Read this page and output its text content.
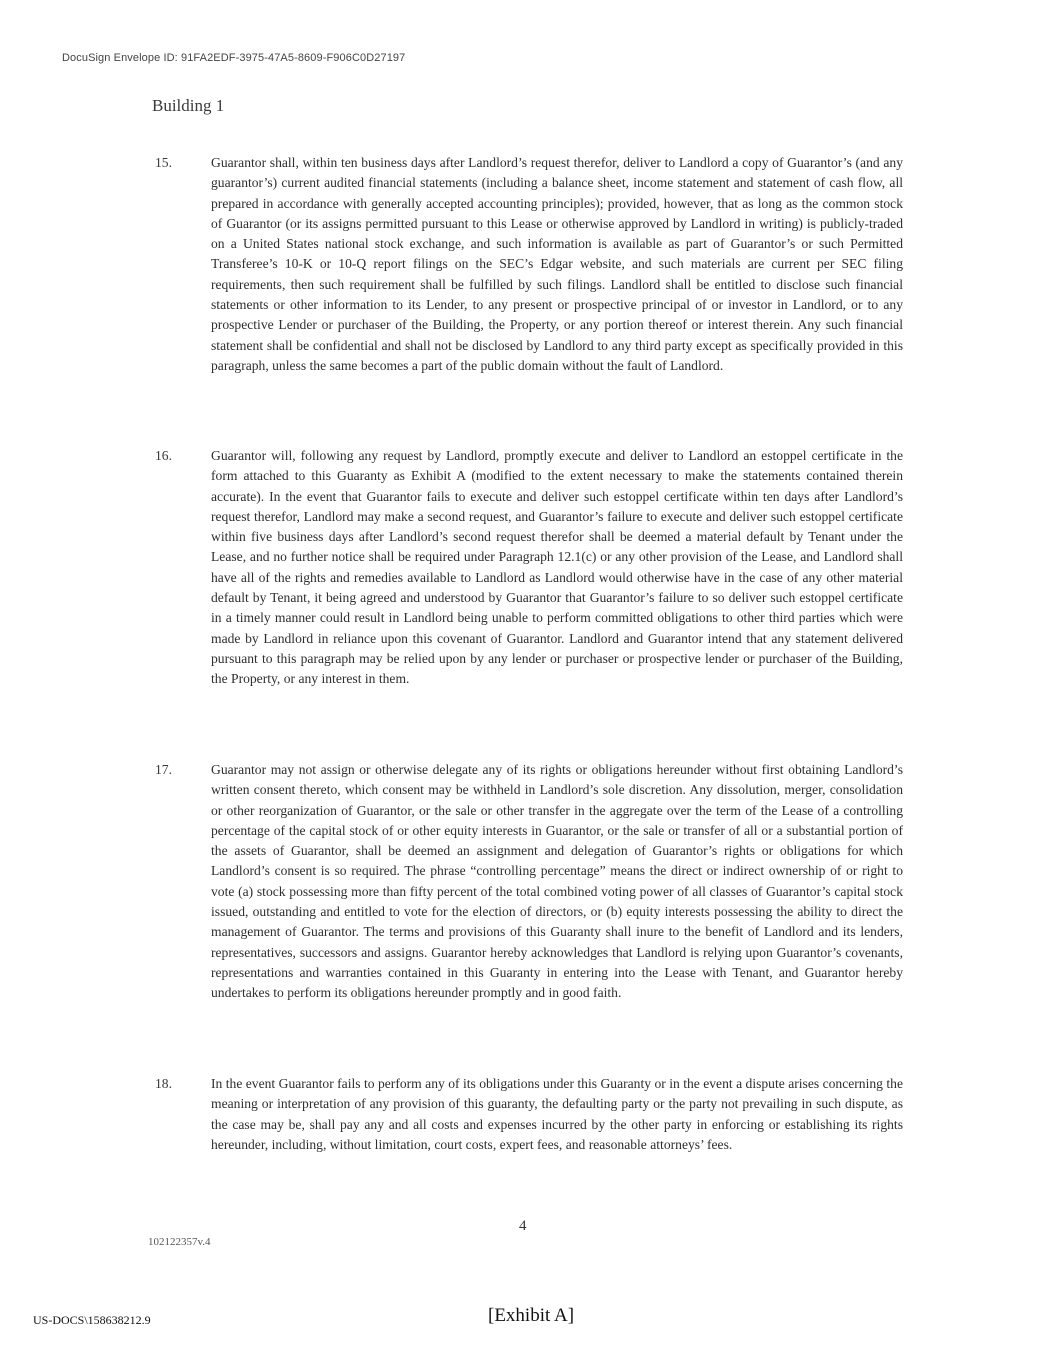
DocuSign Envelope ID: 91FA2EDF-3975-47A5-8609-F906C0D27197
Building 1
15.	Guarantor shall, within ten business days after Landlord’s request therefor, deliver to Landlord a copy of Guarantor’s (and any guarantor’s) current audited financial statements (including a balance sheet, income statement and statement of cash flow, all prepared in accordance with generally accepted accounting principles); provided, however, that as long as the common stock of Guarantor (or its assigns permitted pursuant to this Lease or otherwise approved by Landlord in writing) is publicly-traded on a United States national stock exchange, and such information is available as part of Guarantor’s or such Permitted Transferee’s 10-K or 10-Q report filings on the SEC’s Edgar website, and such materials are current per SEC filing requirements, then such requirement shall be fulfilled by such filings. Landlord shall be entitled to disclose such financial statements or other information to its Lender, to any present or prospective principal of or investor in Landlord, or to any prospective Lender or purchaser of the Building, the Property, or any portion thereof or interest therein. Any such financial statement shall be confidential and shall not be disclosed by Landlord to any third party except as specifically provided in this paragraph, unless the same becomes a part of the public domain without the fault of Landlord.
16.	Guarantor will, following any request by Landlord, promptly execute and deliver to Landlord an estoppel certificate in the form attached to this Guaranty as Exhibit A (modified to the extent necessary to make the statements contained therein accurate). In the event that Guarantor fails to execute and deliver such estoppel certificate within ten days after Landlord’s request therefor, Landlord may make a second request, and Guarantor’s failure to execute and deliver such estoppel certificate within five business days after Landlord’s second request therefor shall be deemed a material default by Tenant under the Lease, and no further notice shall be required under Paragraph 12.1(c) or any other provision of the Lease, and Landlord shall have all of the rights and remedies available to Landlord as Landlord would otherwise have in the case of any other material default by Tenant, it being agreed and understood by Guarantor that Guarantor’s failure to so deliver such estoppel certificate in a timely manner could result in Landlord being unable to perform committed obligations to other third parties which were made by Landlord in reliance upon this covenant of Guarantor. Landlord and Guarantor intend that any statement delivered pursuant to this paragraph may be relied upon by any lender or purchaser or prospective lender or purchaser of the Building, the Property, or any interest in them.
17.	Guarantor may not assign or otherwise delegate any of its rights or obligations hereunder without first obtaining Landlord’s written consent thereto, which consent may be withheld in Landlord’s sole discretion. Any dissolution, merger, consolidation or other reorganization of Guarantor, or the sale or other transfer in the aggregate over the term of the Lease of a controlling percentage of the capital stock of or other equity interests in Guarantor, or the sale or transfer of all or a substantial portion of the assets of Guarantor, shall be deemed an assignment and delegation of Guarantor’s rights or obligations for which Landlord’s consent is so required. The phrase “controlling percentage” means the direct or indirect ownership of or right to vote (a) stock possessing more than fifty percent of the total combined voting power of all classes of Guarantor’s capital stock issued, outstanding and entitled to vote for the election of directors, or (b) equity interests possessing the ability to direct the management of Guarantor. The terms and provisions of this Guaranty shall inure to the benefit of Landlord and its lenders, representatives, successors and assigns. Guarantor hereby acknowledges that Landlord is relying upon Guarantor’s covenants, representations and warranties contained in this Guaranty in entering into the Lease with Tenant, and Guarantor hereby undertakes to perform its obligations hereunder promptly and in good faith.
18.	In the event Guarantor fails to perform any of its obligations under this Guaranty or in the event a dispute arises concerning the meaning or interpretation of any provision of this guaranty, the defaulting party or the party not prevailing in such dispute, as the case may be, shall pay any and all costs and expenses incurred by the other party in enforcing or establishing its rights hereunder, including, without limitation, court costs, expert fees, and reasonable attorneys’ fees.
4
102122357v.4
US-DOCS\158638212.9	[Exhibit A]
